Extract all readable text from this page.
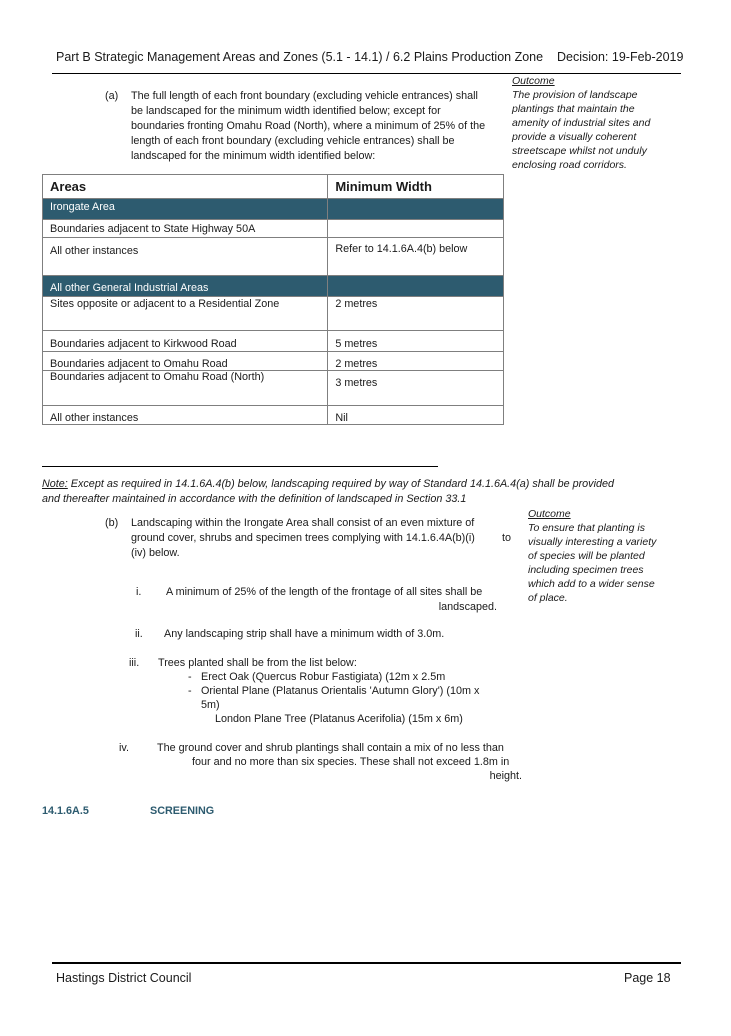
Part B Strategic Management Areas and Zones (5.1 - 14.1) / 6.2 Plains Production Zone Decision: 19-Feb-2019
Outcome
The provision of landscape
plantings that maintain the
amenity of industrial sites and
provide a visually coherent
streetscape whilst not unduly
enclosing road corridors.
(a) The full length of each front boundary (excluding vehicle entrances) shall
be landscaped for the minimum width identified below; except for
boundaries fronting Omahu Road (North), where a minimum of 25% of the
length of each front boundary (excluding vehicle entrances) shall be
landscaped for the minimum width identified below:
Areas	Minimum Width
Irongate Area	
Boundaries adjacent to State Highway 50A	
All other instances	Refer to 14.1.6A.4(b) below
All other General Industrial Areas	
Sites opposite or adjacent to a Residential Zone	2 metres
Boundaries adjacent to Kirkwood Road	5 metres
Boundaries adjacent to Omahu Road	2 metres
Boundaries adjacent to Omahu Road (North)	3 metres
All other instances	Nil
Note: Except as required in 14.1.6A.4(b) below, landscaping required by way of Standard 14.1.6A.4(a) shall be provided
and thereafter maintained in accordance with the definition of landscaped in Section 33.1
Outcome
To ensure that planting is
visually interesting a variety
of species will be planted
including specimen trees
which add to a wider sense
of place.
(b) Landscaping within the Irongate Area shall consist of an even mixture of
ground cover, shrubs and specimen trees complying with 14.1.6.4A(b)(i)	to
(iv) below.
i. A minimum of 25% of the length of the frontage of all sites shall be
landscaped.
ii. Any landscaping strip shall have a minimum width of 3.0m.
iii. Trees planted shall be from the list below:
- Erect Oak (Quercus Robur Fastigiata) (12m x 2.5m
- Oriental Plane (Platanus Orientalis 'Autumn Glory') (10m x
5m)
London Plane Tree (Platanus Acerifolia) (15m x 6m)
iv.	The ground cover and shrub plantings shall contain a mix of no less than
four and no more than six species. These shall not exceed 1.8m in
height.
14.1.6A.5	SCREENING
Hastings District Council	Page 18
